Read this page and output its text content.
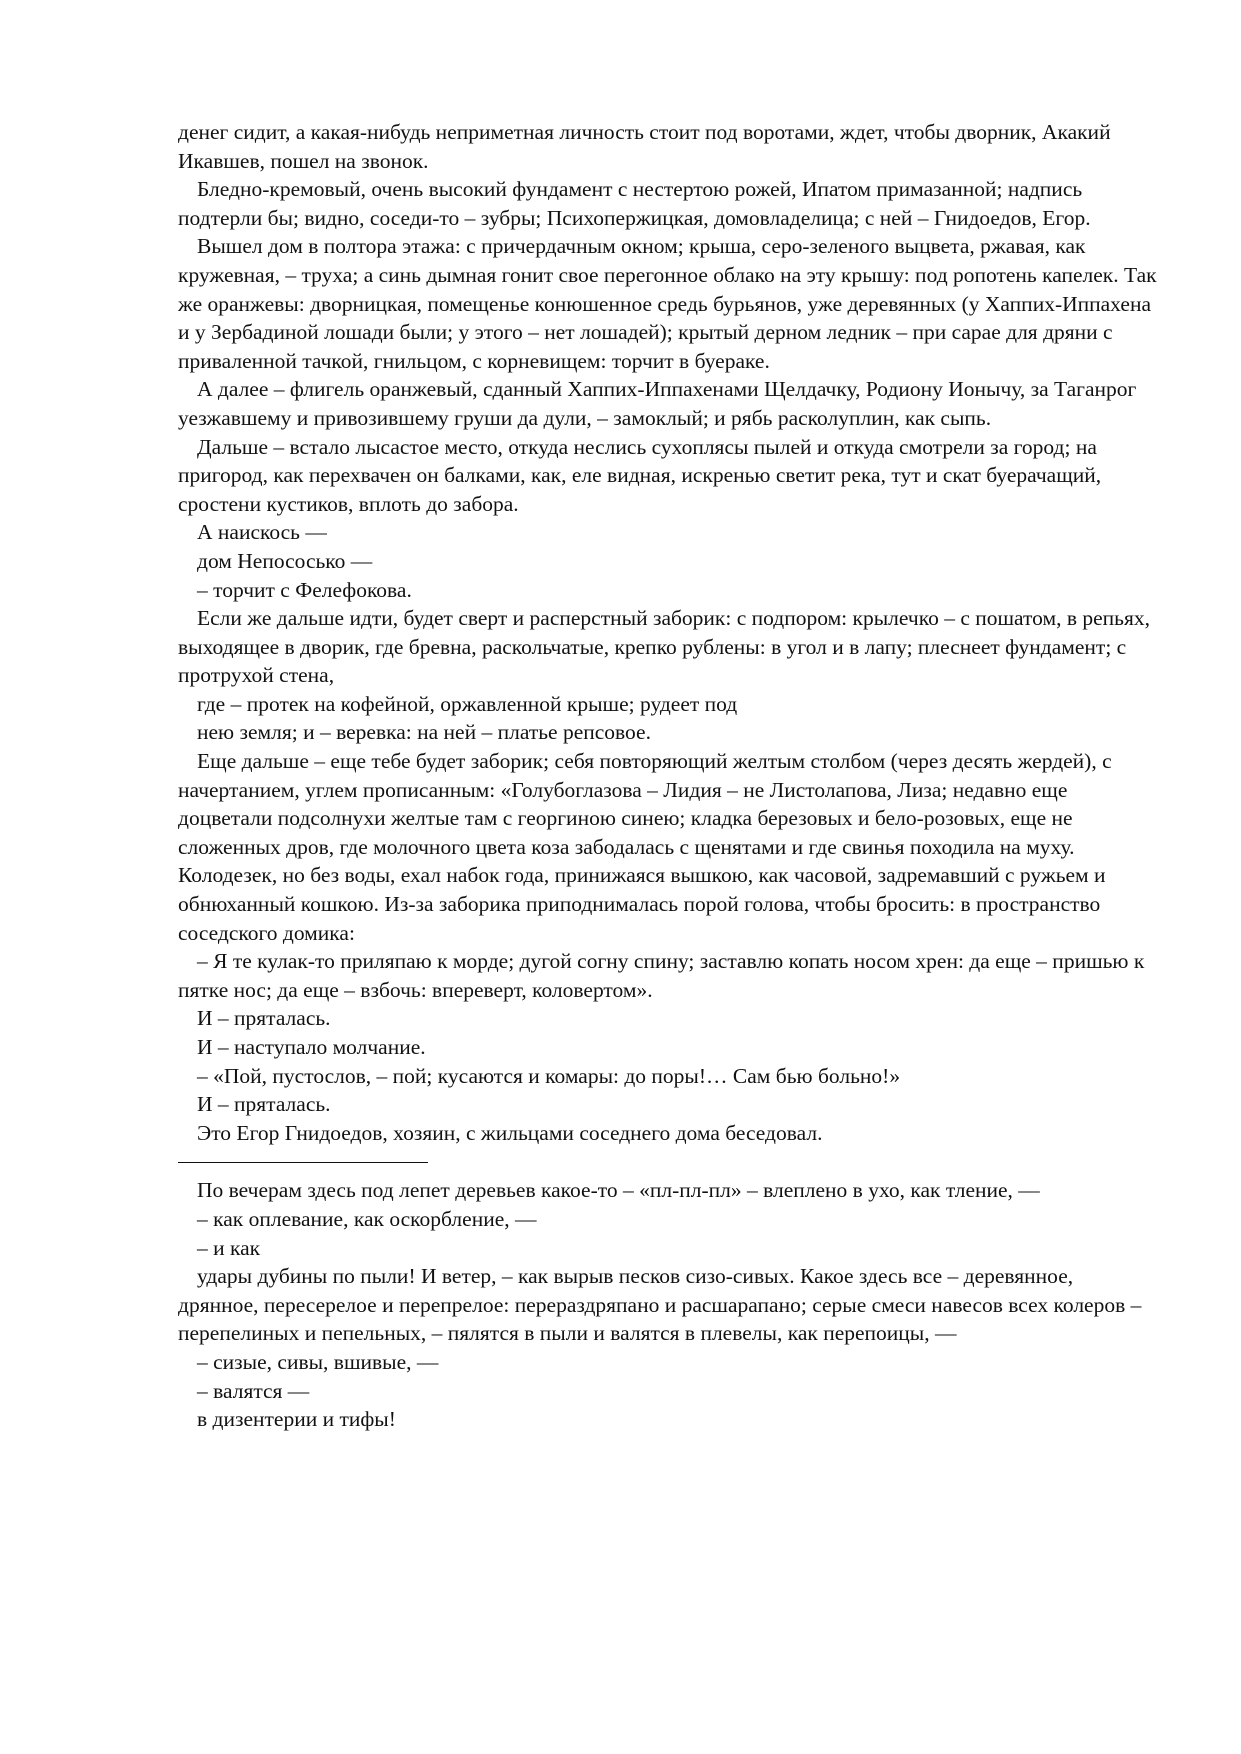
денег сидит, а какая-нибудь неприметная личность стоит под воротами, ждет, чтобы дворник, Акакий Икавшев, пошел на звонок.

Бледно-кремовый, очень высокий фундамент с нестертою рожей, Ипатом примазанной; надпись подтерли бы; видно, соседи-то – зубры; Психопержицкая, домовладелица; с ней – Гнидоедов, Егор.

Вышел дом в полтора этажа: с причердачным окном; крыша, серо-зеленого выцвета, ржавая, как кружевная, – труха; а синь дымная гонит свое перегонное облако на эту крышу: под ропотень капелек. Так же оранжевы: дворницкая, помещенье конюшенное средь бурьянов, уже деревянных (у Хаппих-Иппахена и у Зербадиной лошади были; у этого – нет лошадей); крытый дерном ледник – при сарае для дряни с приваленной тачкой, гнильцом, с корневищем: торчит в буераке.

А далее – флигель оранжевый, сданный Хаппих-Иппахенами Щелдачку, Родиону Ионычу, за Таганрог уезжавшему и привозившему груши да дули, – замоклый; и рябь расколуплин, как сыпь.

Дальше – встало лысастое место, откуда неслись сухоплясы пылей и откуда смотрели за город; на пригород, как перехвачен он балками, как, еле видная, искренью светит река, тут и скат буерачащий, сростени кустиков, вплоть до забора.

А наискось —

дом Непососько —

– торчит с Фелефокова.

Если же дальше идти, будет сверт и расперстный заборик: с подпором: крылечко – с пошатом, в репьях, выходящее в дворик, где бревна, раскольчатые, крепко рублены: в угол и в лапу; плеснеет фундамент; с протрухой стена,

где – протек на кофейной, оржавленной крыше; рудеет под

нею земля; и – веревка: на ней – платье репсовое.

Еще дальше – еще тебе будет заборик; себя повторяющий желтым столбом (через десять жердей), с начертанием, углем прописанным: «Голубоглазова – Лидия – не Листолапова, Лиза; недавно еще доцветали подсолнухи желтые там с георгиною синею; кладка березовых и бело-розовых, еще не сложенных дров, где молочного цвета коза забодалась с щенятами и где свинья походила на муху. Колодезек, но без воды, ехал набок года, принижаяся вышкою, как часовой, задремавший с ружьем и обнюханный кошкою. Из-за заборика приподнималась порой голова, чтобы бросить: в пространство соседского домика:

– Я те кулак-то приляпаю к морде; дугой согну спину; заставлю копать носом хрен: да еще – пришью к пятке нос; да еще – взбочь: впереверт, коловертом».

И – пряталась.

И – наступало молчание.

– «Пой, пустослов, – пой; кусаются и комары: до поры!… Сам бью больно!»

И – пряталась.

Это Егор Гнидоедов, хозяин, с жильцами соседнего дома беседовал.

По вечерам здесь под лепет деревьев какое-то – «пл-пл-пл» – влеплено в ухо, как тление, —

– как оплевание, как оскорбление, —

– и как

удары дубины по пыли! И ветер, – как вырыв песков сизо-сивых. Какое здесь все – деревянное, дрянное, пересерелое и перепрелое: перераздряпано и расшарапано; серые смеси навесов всех колеров – перепелиных и пепельных, – пялятся в пыли и валятся в плевелы, как перепоицы, —

– сизые, сивы, вшивые, —

– валятся —

в дизентерии и тифы!
